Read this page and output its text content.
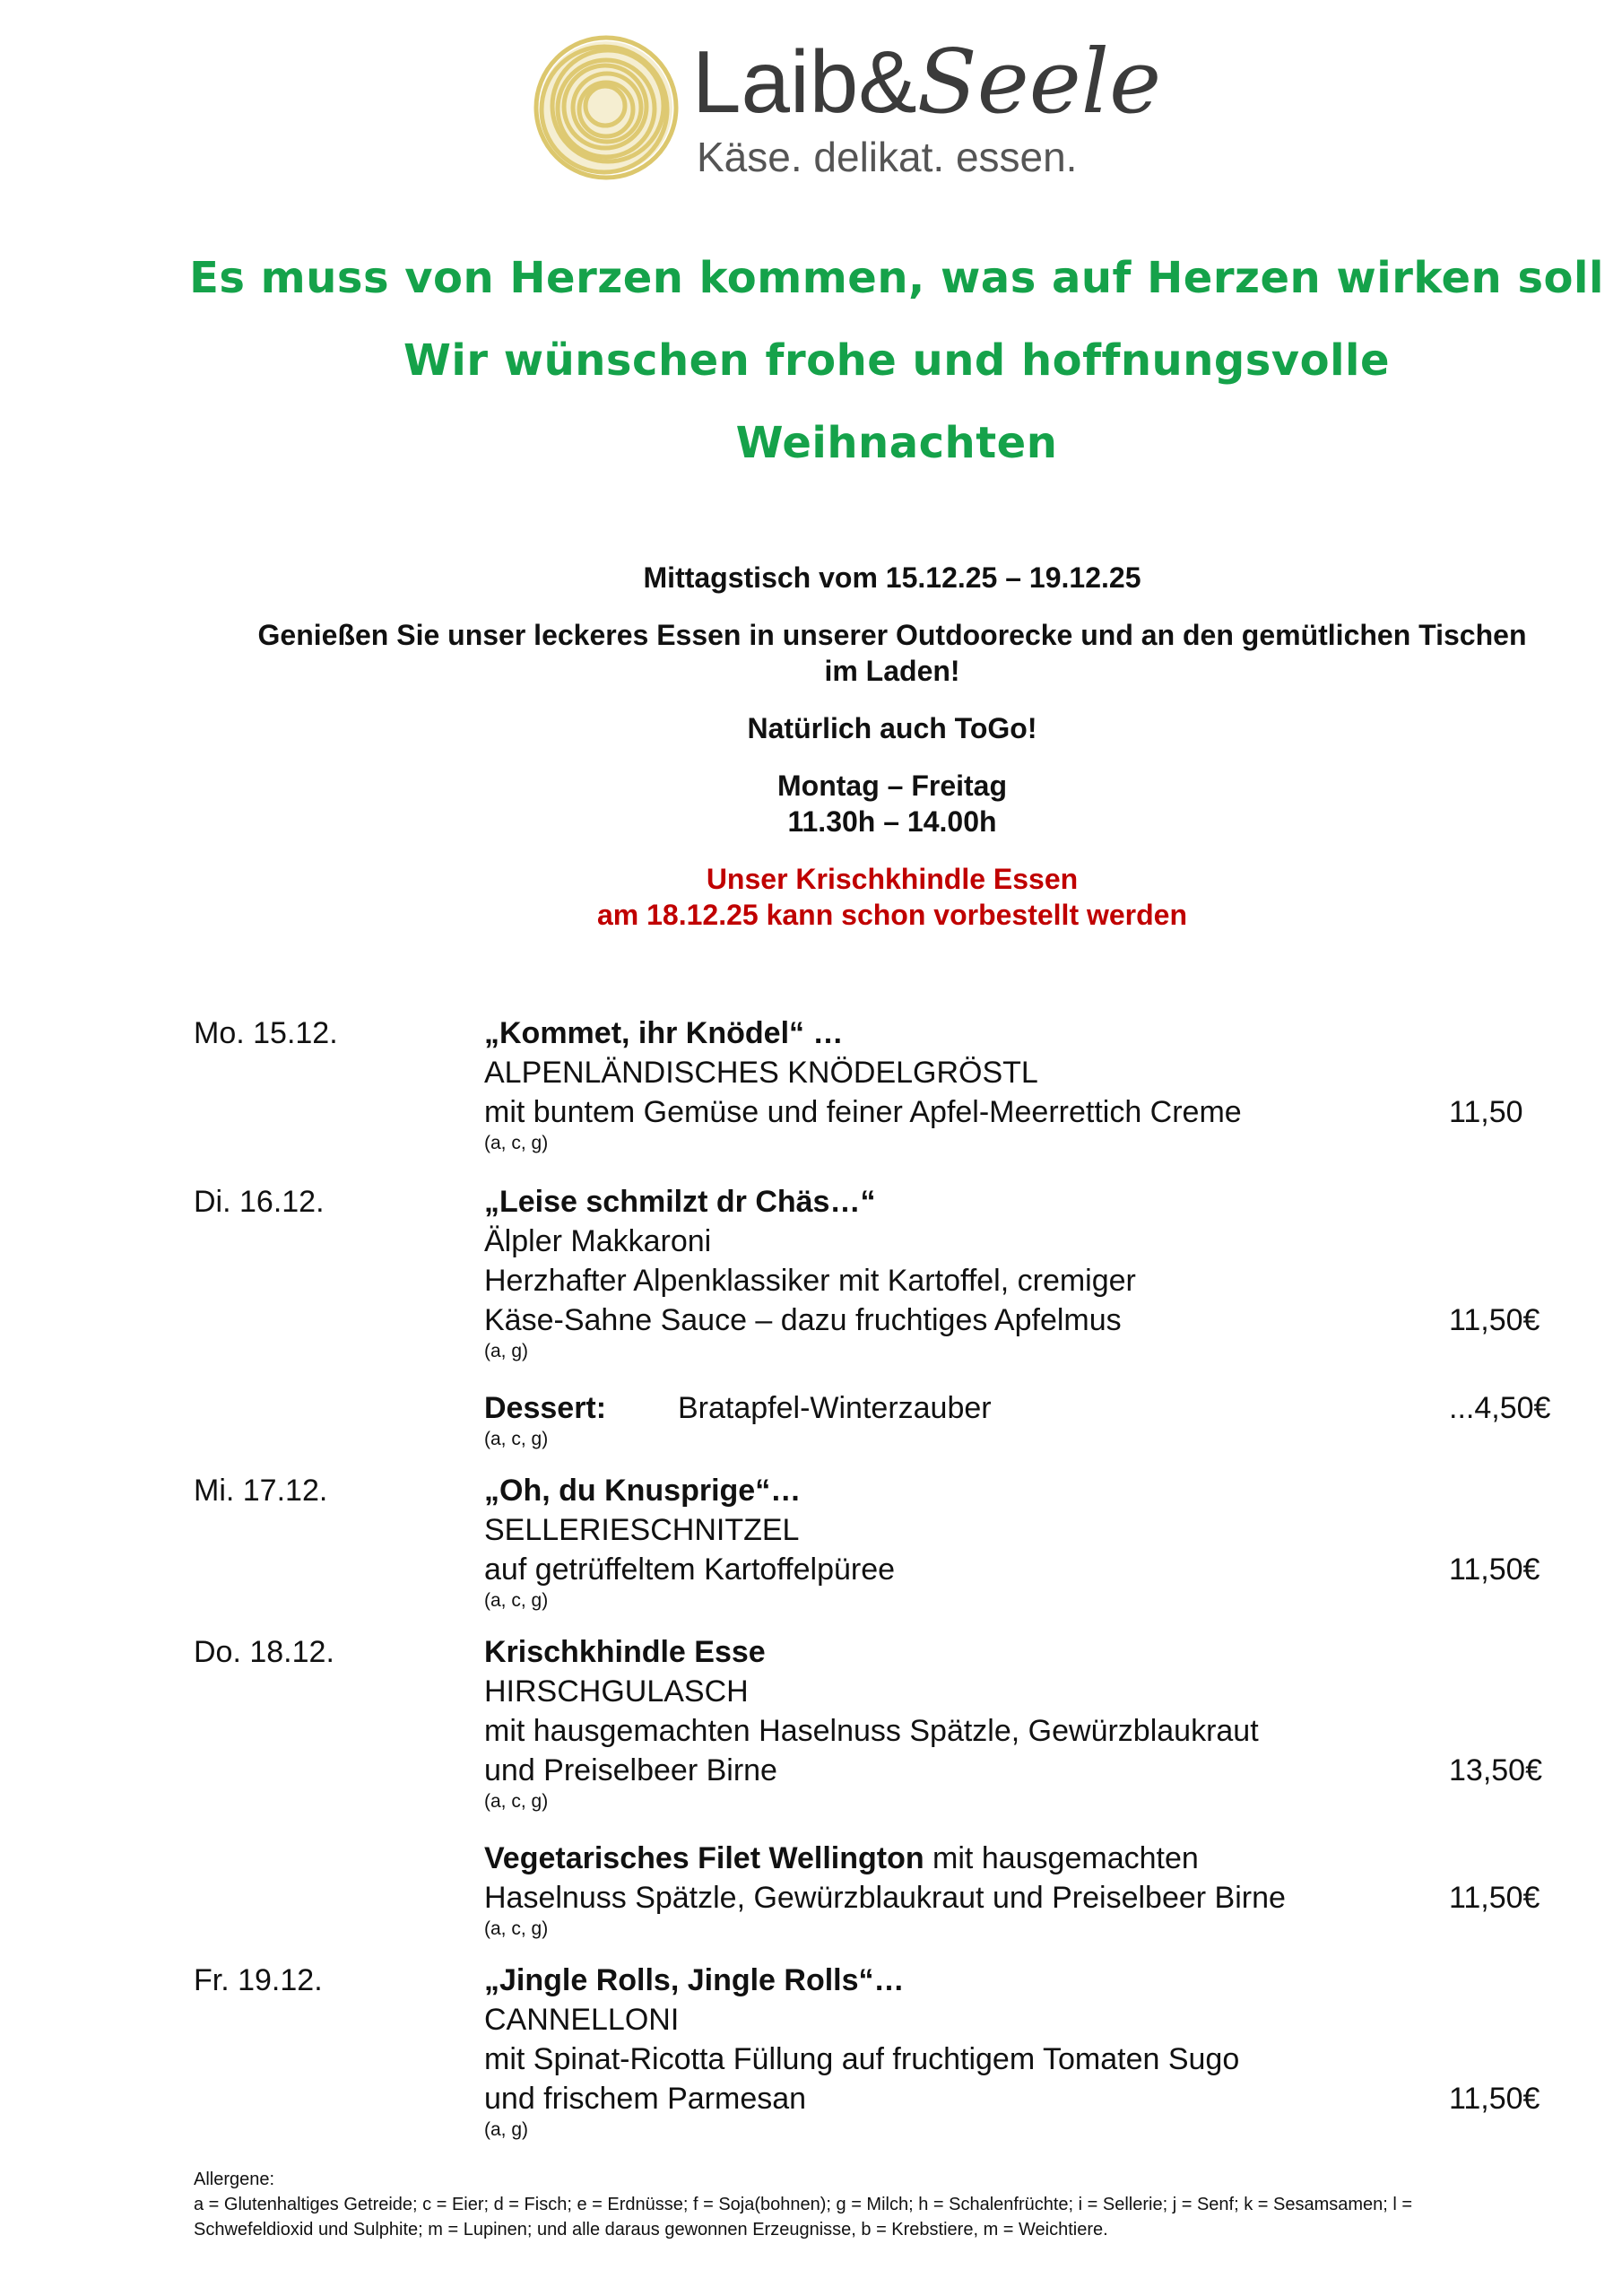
Laib&Seele
Käse. delikat. essen.
Es muss von Herzen kommen, was auf Herzen wirken soll
Wir wünschen frohe und hoffnungsvolle
Weihnachten
Mittagstisch vom 15.12.25 – 19.12.25
Genießen Sie unser leckeres Essen in unserer Outdoorecke und an den gemütlichen Tischen
im Laden!
Natürlich auch ToGo!
Montag – Freitag
11.30h – 14.00h
Unser Krischkhindle Essen
am 18.12.25 kann schon vorbestellt werden
Mo. 15.12.	„Kommet, ihr Knödel“ …
ALPENLÄNDISCHES KNÖDELGRÖSTL
mit buntem Gemüse und feiner Apfel-Meerrettich Creme	11,50
(a, c, g)
Di. 16.12.	„Leise schmilzt dr Chäs…“
Älpler Makkaroni
Herzhafter Alpenklassiker mit Kartoffel, cremiger
Käse-Sahne Sauce – dazu fruchtiges Apfelmus	11,50€
(a, g)
Dessert: Bratapfel-Winterzauber	...4,50€
(a, c, g)
Mi. 17.12.	„Oh, du Knusprige“…
SELLERIESCHNITZEL
auf getrüffeltem Kartoffelpüree	11,50€
(a, c, g)
Do. 18.12.	Krischkhindle Esse
HIRSCHGULASCH
mit hausgemachten Haselnuss Spätzle, Gewürzblaukraut
und Preiselbeer Birne	13,50€
(a, c, g)
Vegetarisches Filet Wellington mit hausgemachten
Haselnuss Spätzle, Gewürzblaukraut und Preiselbeer Birne	11,50€
(a, c, g)
Fr. 19.12.	„Jingle Rolls, Jingle Rolls“…
CANNELLONI
mit Spinat-Ricotta Füllung auf fruchtigem Tomaten Sugo
und frischem Parmesan	11,50€
(a, g)
Allergene:
a = Glutenhaltiges Getreide; c = Eier; d = Fisch; e = Erdnüsse; f = Soja(bohnen); g = Milch; h = Schalenfrüchte; i = Sellerie; j = Senf; k = Sesamsamen; l =
Schwefeldioxid und Sulphite; m = Lupinen; und alle daraus gewonnen Erzeugnisse, b = Krebstiere, m = Weichtiere.
